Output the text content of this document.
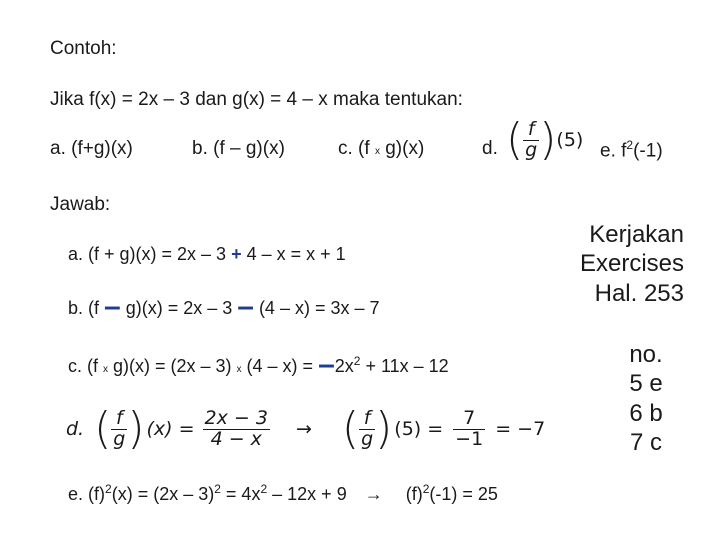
Contoh:
Jika f(x) = 2x – 3 dan g(x) = 4 – x maka tentukan:
a. (f+g)(x)	b. (f – g)(x)	c. (f x g)(x)	d. ( $\frac{f}{g} )(5)$ e. $f^2(-1)$
Jawab:
a. (f + g)(x) = 2x – 3 + 4 – x = x + 1
b. (f – g)(x) = 2x – 3 – (4 – x) = 3x – 7
c. (f x g)(x) = (2x – 3) x $(4 - x) = -2x^2 + 11x - 12$
d. ( $\frac{f}{g}$ ) $(x) = \frac{2x - 3}{4 - x}$ → ( $\frac{f}{g}$ ) $(5) = \frac{7}{-1} = -7$
e. $(f)^2(x) = (2x - 3)^2 = 4x^2 - 12x + 9 \to (f)^2(-1) = 25$
Kerjakan
Exercises
Hal. 253
no.
5 e
6 b
7 c
